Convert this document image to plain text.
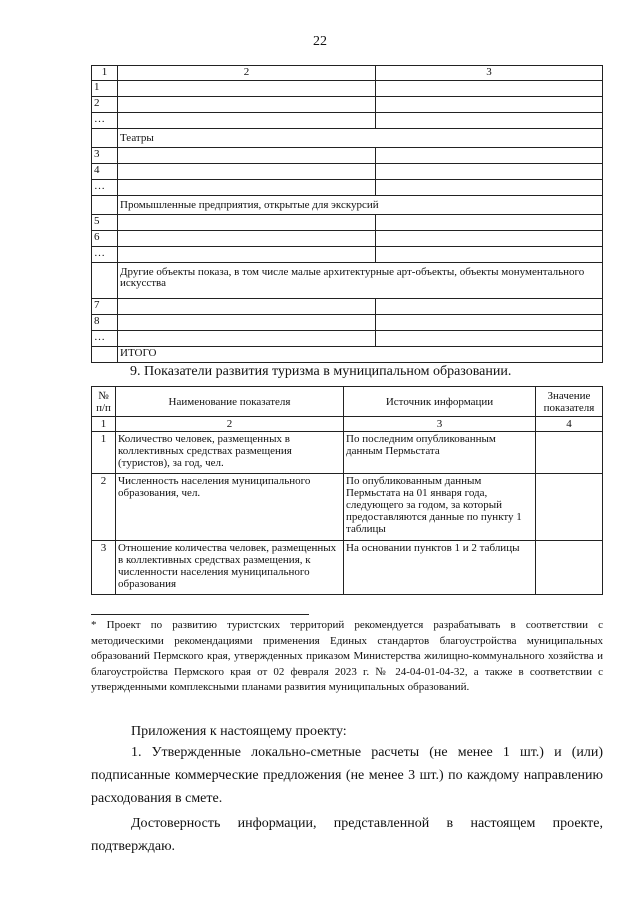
22
1	2	3
1		
2		
…		
	Театры	
3		
4		
…		
	Промышленные предприятия, открытые для экскурсий	
5		
6		
…		
	Другие объекты показа, в том числе малые архитектурные арт-объекты, объекты монументального искусства	
7		
8		
…		
	ИТОГО	
9. Показатели развития туризма в муниципальном образовании.
№ п/п	Наименование показателя	Источник информации	Значение показателя
1	2	3	4
1	Количество человек, размещенных в коллективных средствах размещения (туристов), за год, чел.	По последним опубликованным данным Пермьстата	
2	Численность населения муниципального образования, чел.	По опубликованным данным Пермьстата на 01 января года, следующего за годом, за который предоставляются данные по пункту 1 таблицы	
3	Отношение количества человек, размещенных в коллективных средствах размещения, к численности населения муниципального образования	На основании пунктов 1 и 2 таблицы	
* Проект по развитию туристских территорий рекомендуется разрабатывать в соответствии с методическими рекомендациями применения Единых стандартов благоустройства муниципальных образований Пермского края, утвержденных приказом Министерства жилищно-коммунального хозяйства и благоустройства Пермского края от 02 февраля 2023 г. № 24-04-01-04-32, а также в соответствии с утвержденными комплексными планами развития муниципальных образований.
Приложения к настоящему проекту:
1. Утвержденные локально-сметные расчеты (не менее 1 шт.) и (или) подписанные коммерческие предложения (не менее 3 шт.) по каждому направлению расходования в смете.
Достоверность информации, представленной в настоящем проекте, подтверждаю.
